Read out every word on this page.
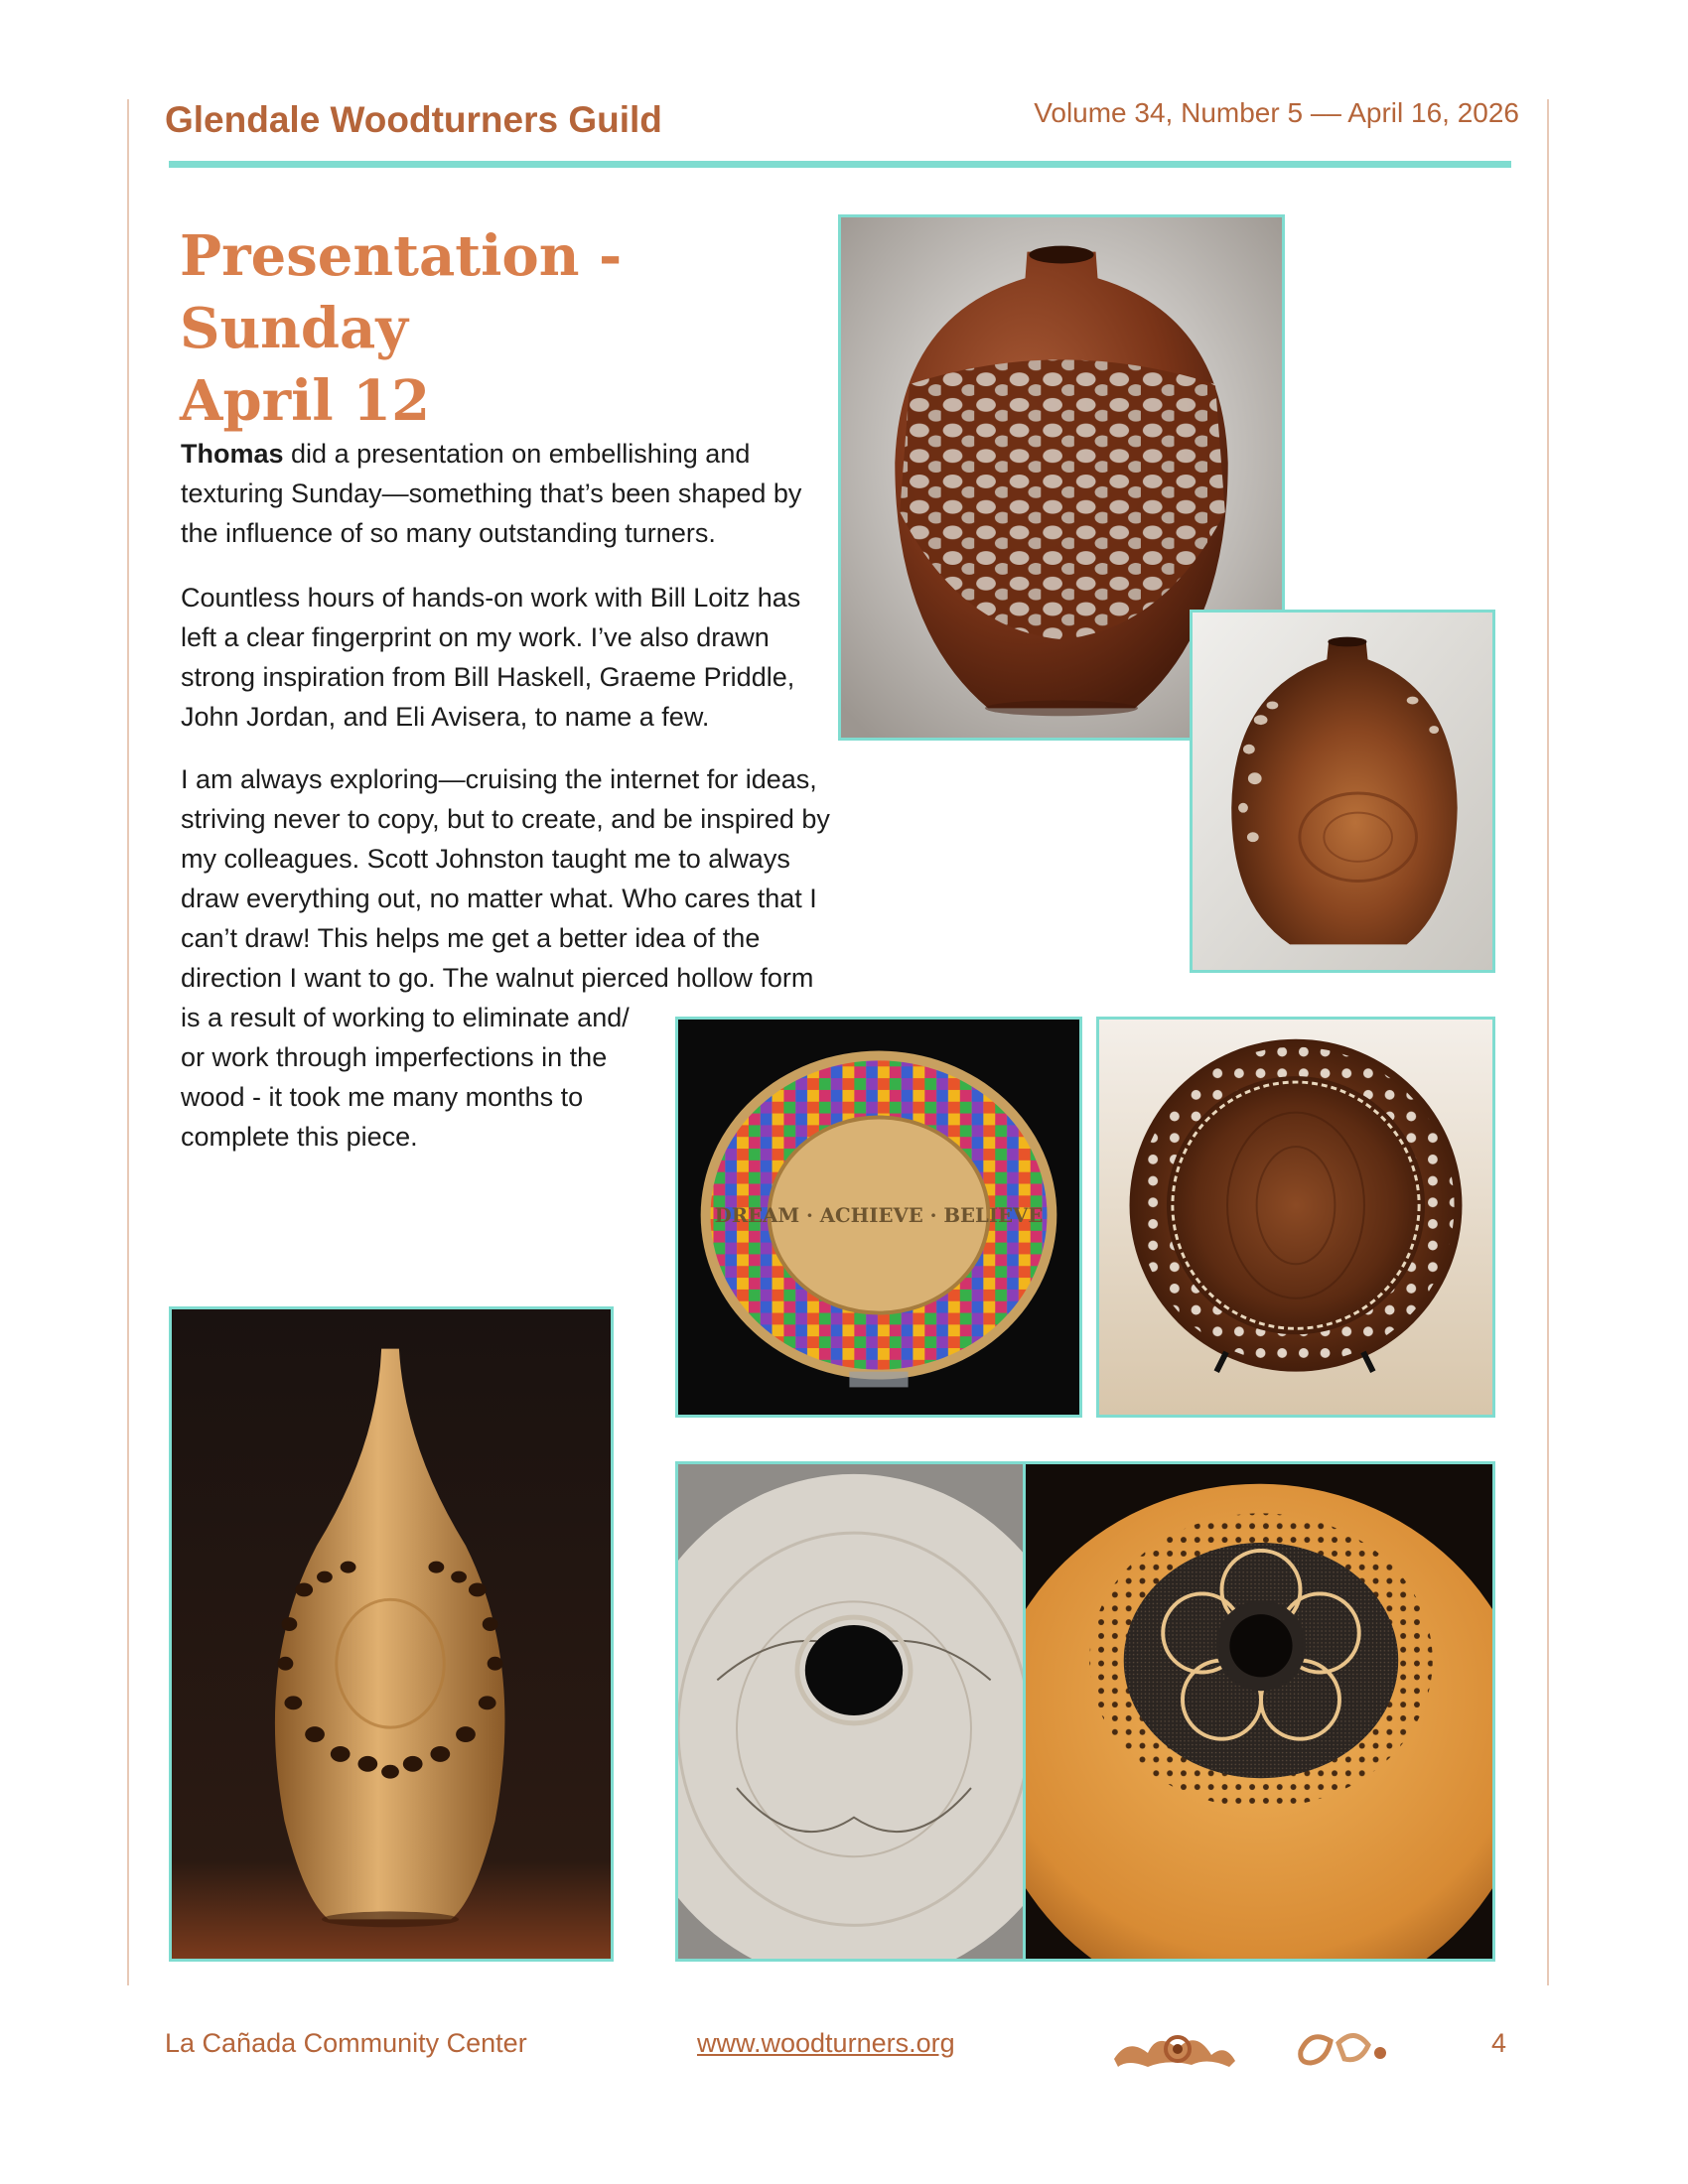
Glendale Woodturners Guild	Volume 34, Number 5 –– April 16, 2026
Presentation - Sunday
April 12

Thomas did a presentation on embellishing and
texturing Sunday—something that’s been shaped by
the influence of so many outstanding turners.

Countless hours of hands-on work with Bill Loitz has
left a clear fingerprint on my work. I’ve also drawn
strong inspiration from Bill Haskell, Graeme Priddle,
John Jordan, and Eli Avisera, to name a few.

I am always exploring—cruising the internet for ideas,
striving never to copy, but to create, and be inspired by
my colleagues. Scott Johnston taught me to always
draw everything out, no matter what. Who cares that I
can’t draw! This helps me get a better idea of the
direction I want to go. The walnut pierced hollow form
is a result of working to eliminate and/
or work through imperfections in the
wood - it took me many months to
complete this piece.

DREAM · ACHIEVE · BELIEVE
La Cañada Community Center	www.woodturners.org	4
